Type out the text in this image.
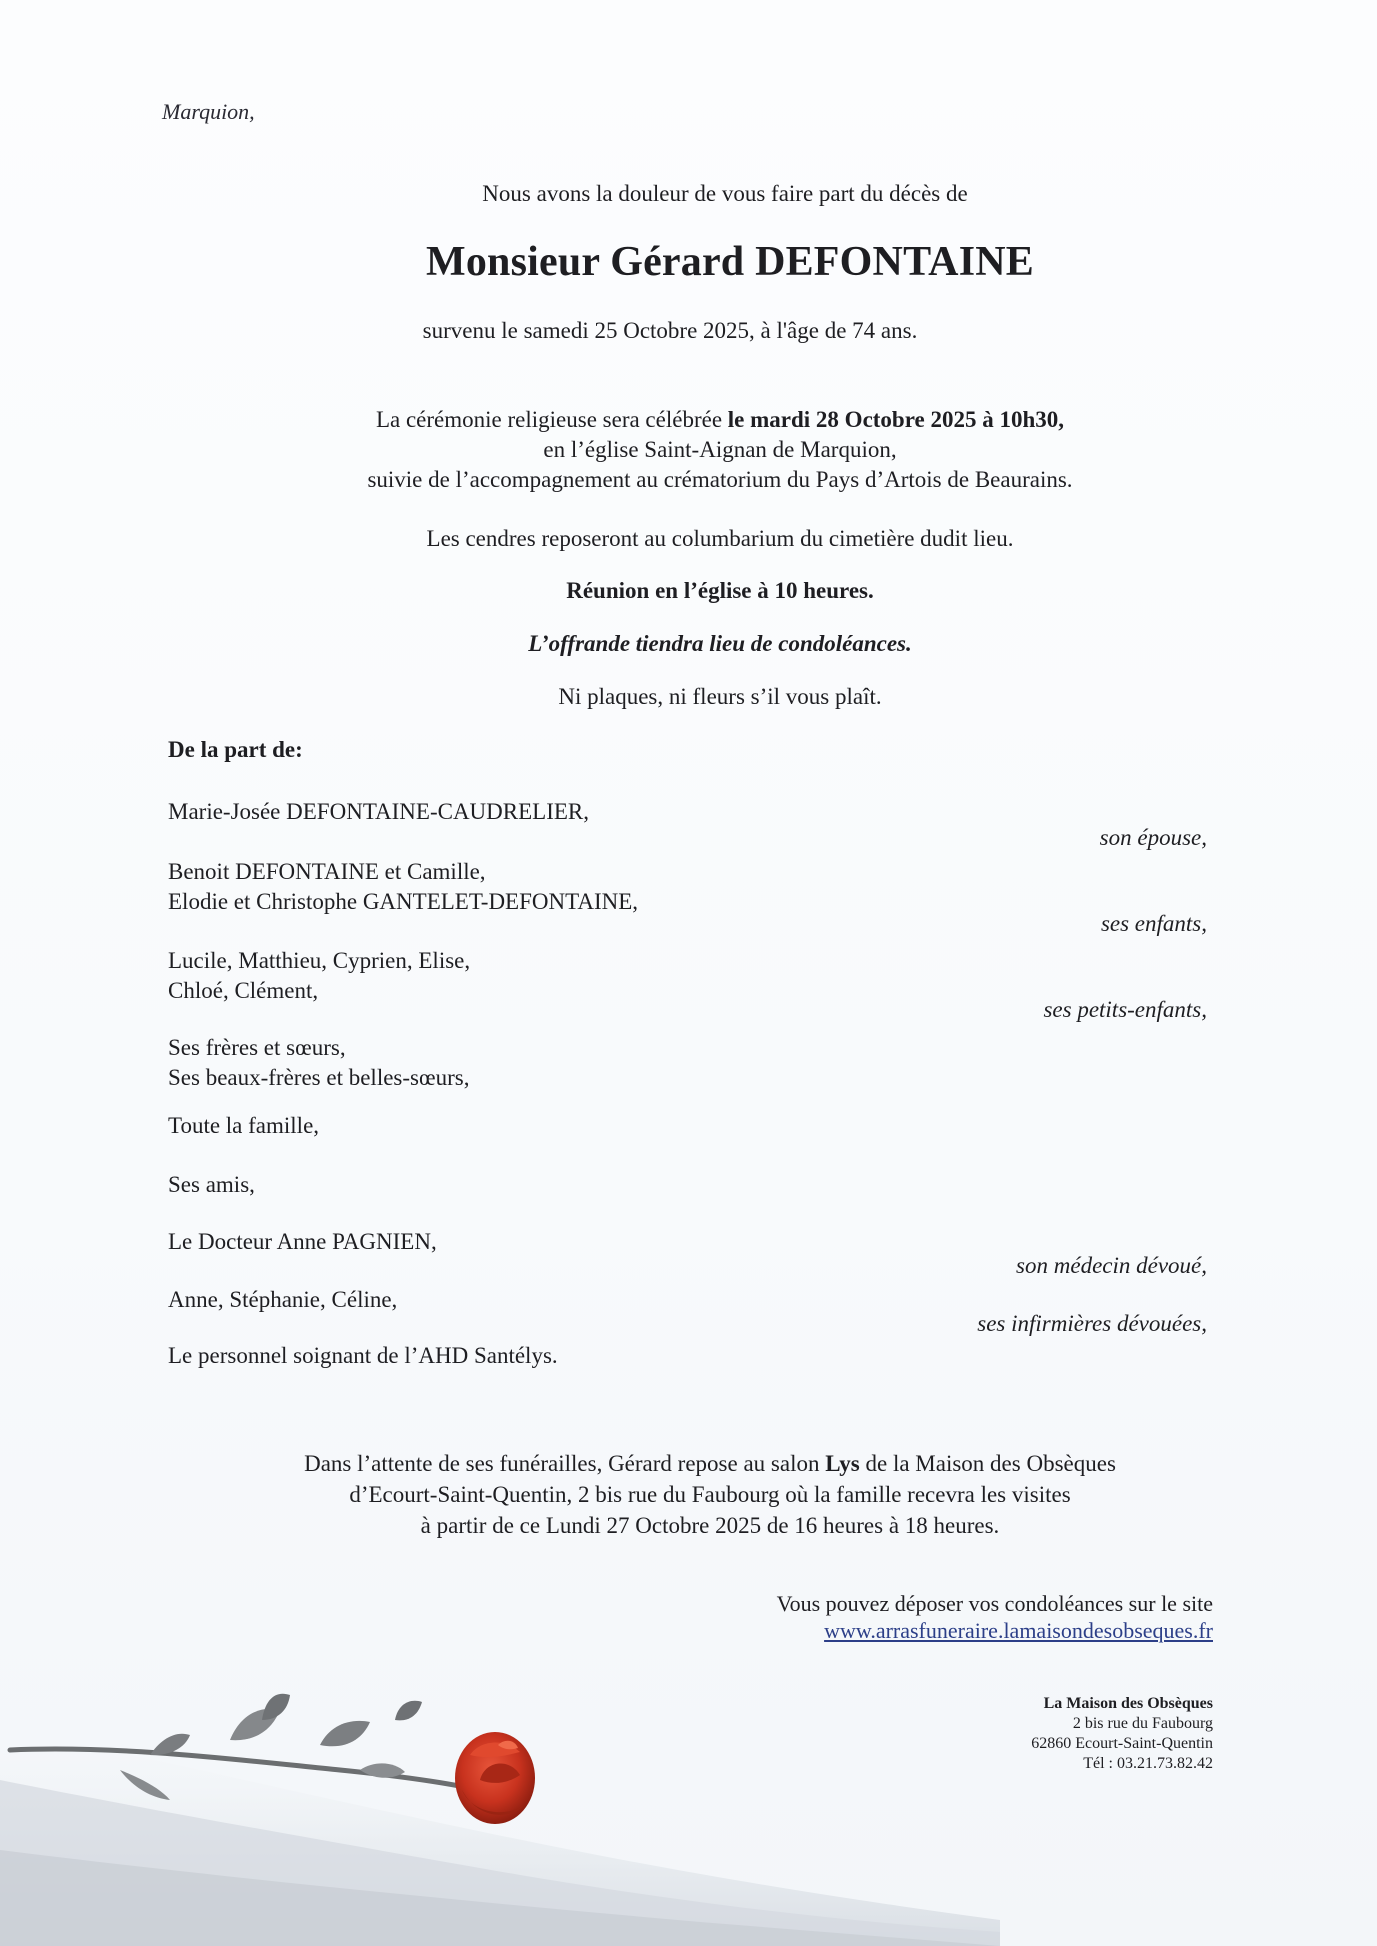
Marquion,
Nous avons la douleur de vous faire part du décès de
Monsieur Gérard DEFONTAINE
survenu le samedi 25 Octobre 2025, à l'âge de 74 ans.
La cérémonie religieuse sera célébrée le mardi 28 Octobre 2025 à 10h30,
en l’église Saint-Aignan de Marquion,
suivie de l’accompagnement au crématorium du Pays d’Artois de Beaurains.
Les cendres reposeront au columbarium du cimetière dudit lieu.
Réunion en l’église à 10 heures.
L’offrande tiendra lieu de condoléances.
Ni plaques, ni fleurs s’il vous plaît.
De la part de:
Marie-Josée DEFONTAINE-CAUDRELIER,
son épouse,
Benoit DEFONTAINE et Camille,
Elodie et Christophe GANTELET-DEFONTAINE,
ses enfants,
Lucile, Matthieu, Cyprien, Elise,
Chloé, Clément,
ses petits-enfants,
Ses frères et sœurs,
Ses beaux-frères et belles-sœurs,
Toute la famille,
Ses amis,
Le Docteur Anne PAGNIEN,
son médecin dévoué,
Anne, Stéphanie, Céline,
ses infirmières dévouées,
Le personnel soignant de l’AHD Santélys.
Dans l’attente de ses funérailles, Gérard repose au salon Lys de la Maison des Obsèques
d’Ecourt-Saint-Quentin, 2 bis rue du Faubourg où la famille recevra les visites
à partir de ce Lundi 27 Octobre 2025 de 16 heures à 18 heures.
Vous pouvez déposer vos condoléances sur le site
www.arrasfuneraire.lamaisondesobseques.fr
La Maison des Obsèques
2 bis rue du Faubourg
62860 Ecourt-Saint-Quentin
Tél : 03.21.73.82.42
